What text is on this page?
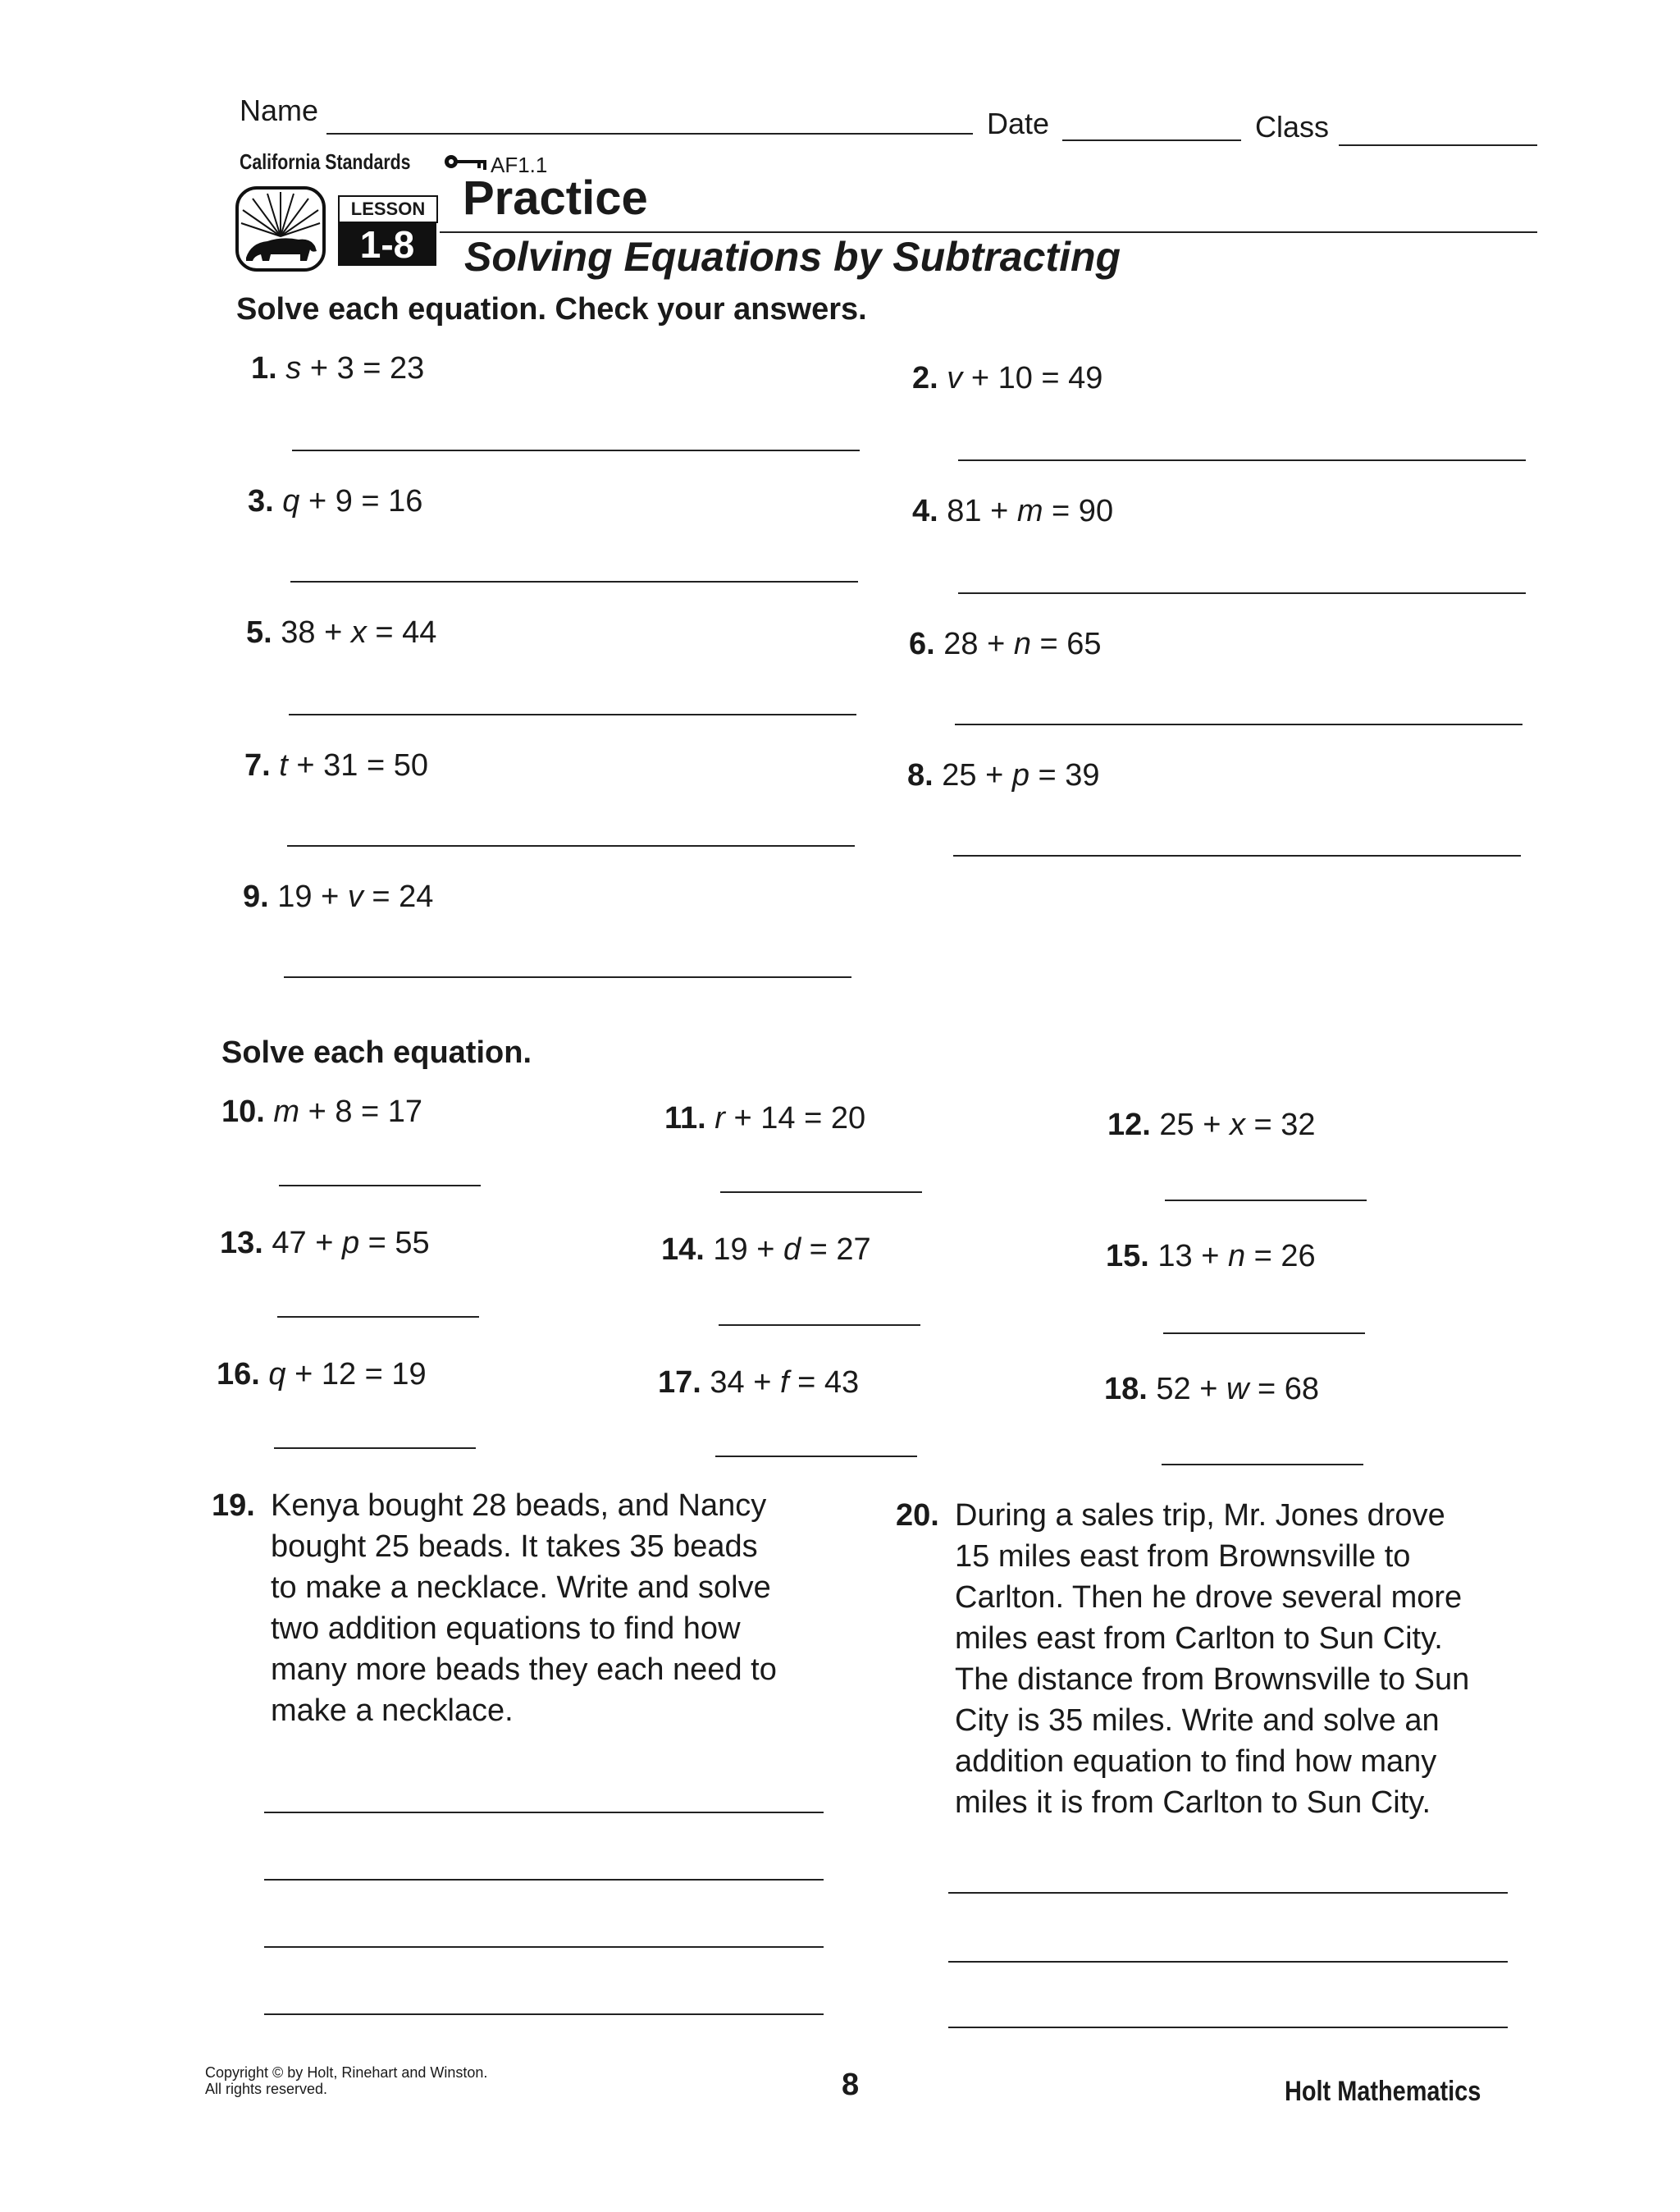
Name	Date	Class
California Standards	AF1.1
LESSON
1-8
Practice
Solving Equations by Subtracting
Solve each equation. Check your answers.
1. s + 3 = 23	2. v + 10 = 49
3. q + 9 = 16	4. 81 + m = 90
5. 38 + x = 44	6. 28 + n = 65
7. t + 31 = 50	8. 25 + p = 39
9. 19 + v = 24
Solve each equation.
10. m + 8 = 17	11. r + 14 = 20	12. 25 + x = 32
13. 47 + p = 55	14. 19 + d = 27	15. 13 + n = 26
16. q + 12 = 19	17. 34 + f = 43	18. 52 + w = 68
19. Kenya bought 28 beads, and Nancy
bought 25 beads. It takes 35 beads
to make a necklace. Write and solve
two addition equations to find how
many more beads they each need to
make a necklace.
20. During a sales trip, Mr. Jones drove
15 miles east from Brownsville to
Carlton. Then he drove several more
miles east from Carlton to Sun City.
The distance from Brownsville to Sun
City is 35 miles. Write and solve an
addition equation to find how many
miles it is from Carlton to Sun City.
Copyright © by Holt, Rinehart and Winston.
All rights reserved.	8	Holt Mathematics
